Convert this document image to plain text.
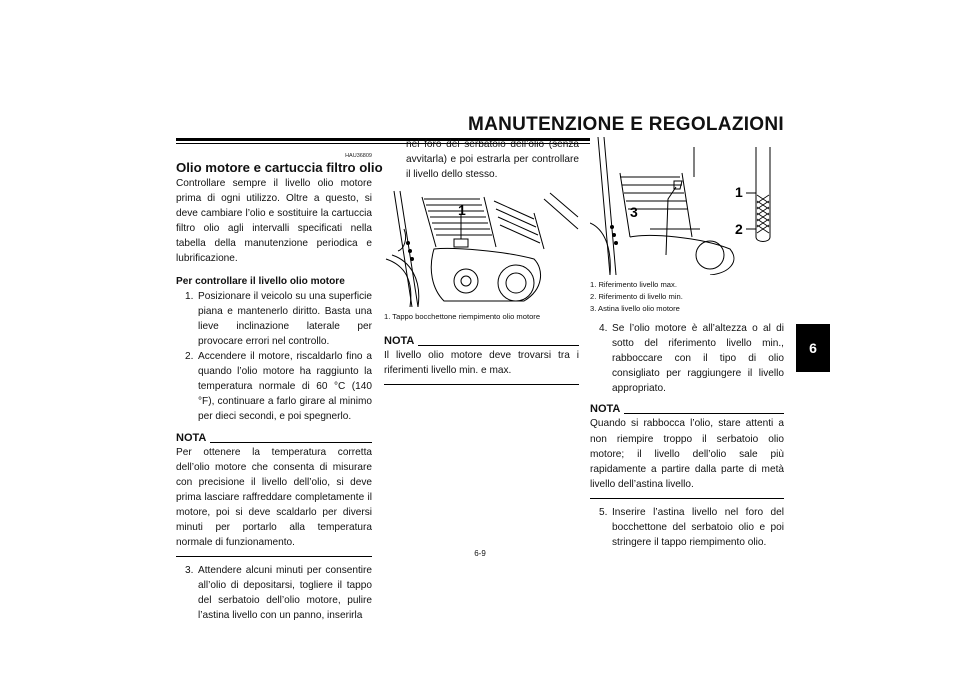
MANUTENZIONE E REGOLAZIONI
6
HAU36809
Olio motore e cartuccia filtro olio

Controllare sempre il livello olio motore prima di ogni utilizzo. Oltre a questo, si deve cambiare l’olio e sostituire la cartuccia filtro olio agli intervalli specificati nella tabella della manutenzione periodica e lubrificazione.

Per controllare il livello olio motore

1. Posizionare il veicolo su una superficie piana e mantenerlo diritto. Basta una lieve inclinazione laterale per provocare errori nel controllo.
2. Accendere il motore, riscaldarlo fino a quando l’olio motore ha raggiunto la temperatura normale di 60 °C (140 °F), continuare a farlo girare al minimo per dieci secondi, e poi spegnerlo.
NOTA

Per ottenere la temperatura corretta dell’olio motore che consenta di misurare con precisione il livello dell’olio, si deve prima lasciare raffreddare completamente il motore, poi si deve scaldarlo per diversi minuti per portarlo alla temperatura normale di funzionamento.

3. Attendere alcuni minuti per consentire all’olio di depositarsi, togliere il tappo del serbatoio dell’olio motore, pulire l’astina livello con un panno, inserirla
nel foro del serbatoio dell’olio (senza avvitarla) e poi estrarla per controllare il livello dello stesso.
1
1. Tappo bocchettone riempimento olio motore
NOTA

Il livello olio motore deve trovarsi tra i riferimenti livello min. e max.

1
2
3
1. Riferimento livello max.
2. Riferimento di livello min.
3. Astina livello olio motore
4. Se l’olio motore è all’altezza o al di sotto del riferimento livello min., rabboccare con il tipo di olio consigliato per raggiungere il livello appropriato.
NOTA

Quando si rabbocca l’olio, stare attenti a non riempire troppo il serbatoio olio motore; il livello dell’olio sale più rapidamente a partire dalla parte di metà livello dell’astina livello.

5. Inserire l’astina livello nel foro del bocchettone del serbatoio olio e poi stringere il tappo riempimento olio.
6-9
